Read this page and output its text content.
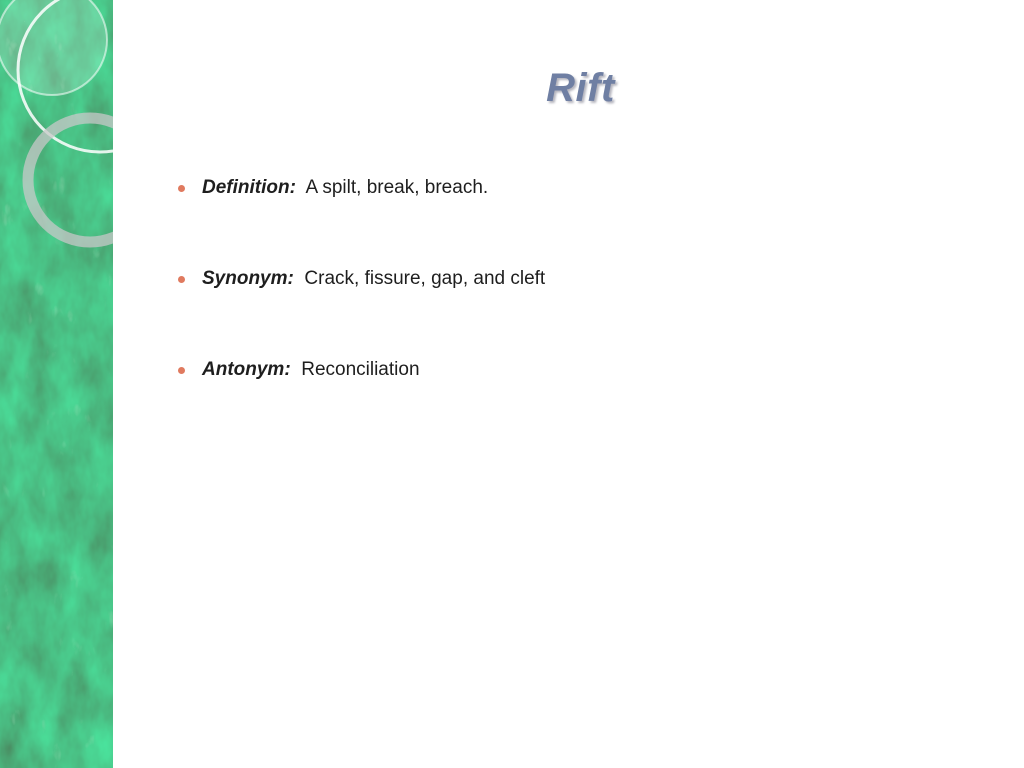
Rift
Definition: A spilt, break, breach.
Synonym: Crack, fissure, gap, and cleft
Antonym: Reconciliation
